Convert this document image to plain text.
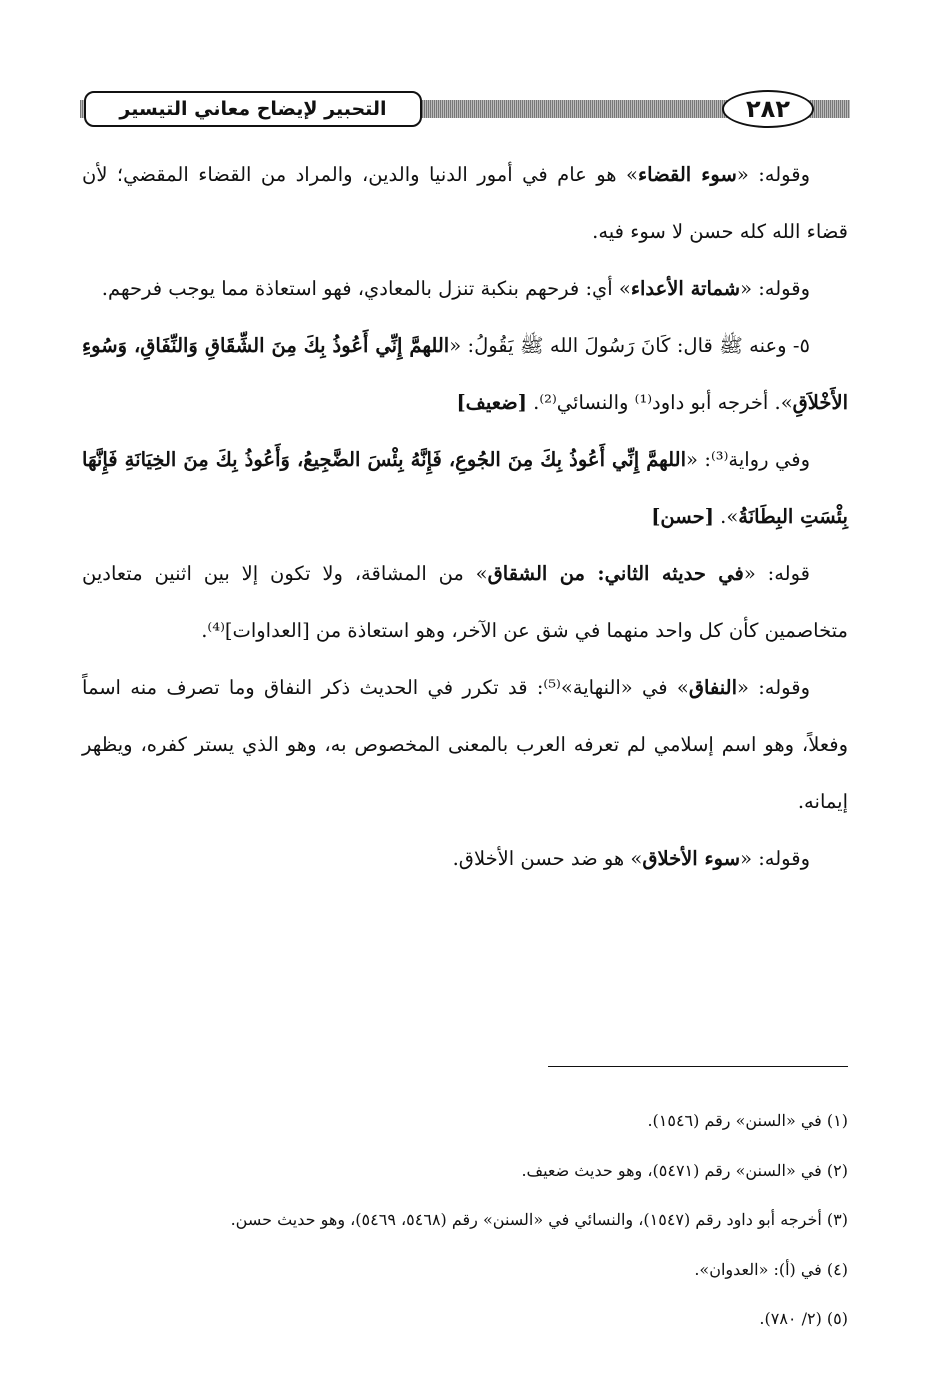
التحبير لإيضاح معاني التيسير	٢٨٢

وقوله: «سوء القضاء» هو عام في أمور الدنيا والدين، والمراد من القضاء المقضي؛ لأن قضاء الله كله حسن لا سوء فيه.

وقوله: «شماتة الأعداء» أي: فرحهم بنكبة تنزل بالمعادي، فهو استعاذة مما يوجب فرحهم.

٥- وعنه ﷺ قال: كَانَ رَسُولَ الله ﷺ يَقُولُ: «اللهمَّ إِنِّي أَعُوذُ بِكَ مِنَ الشِّقَاقِ وَالنِّفَاقِ، وَسُوءِ الأَخْلاَقِ». أخرجه أبو داود⁽¹⁾ والنسائي⁽²⁾. [ضعيف]

وفي رواية⁽³⁾: «اللهمَّ إِنِّي أَعُوذُ بِكَ مِنَ الجُوعِ، فَإِنَّهُ بِئْسَ الضَّجِيعُ، وَأَعُوذُ بِكَ مِنَ الخِيَانَةِ فَإِنَّهَا بِئْسَتِ البِطَانَةُ». [حسن]

قوله: «في حديثه الثاني: من الشقاق» من المشاقة، ولا تكون إلا بين اثنين متعادين متخاصمين كأن كل واحد منهما في شق عن الآخر، وهو استعاذة من [العداوات]⁽⁴⁾.

وقوله: «النفاق» في «النهاية»⁽⁵⁾: قد تكرر في الحديث ذكر النفاق وما تصرف منه اسماً وفعلاً، وهو اسم إسلامي لم تعرفه العرب بالمعنى المخصوص به، وهو الذي يستر كفره، ويظهر إيمانه.

وقوله: «سوء الأخلاق» هو ضد حسن الأخلاق.

(١) في «السنن» رقم (١٥٤٦).

(٢) في «السنن» رقم (٥٤٧١)، وهو حديث ضعيف.

(٣) أخرجه أبو داود رقم (١٥٤٧)، والنسائي في «السنن» رقم (٥٤٦٨، ٥٤٦٩)، وهو حديث حسن.

(٤) في (أ): «العدوان».

(٥) (٢/ ٧٨٠).
